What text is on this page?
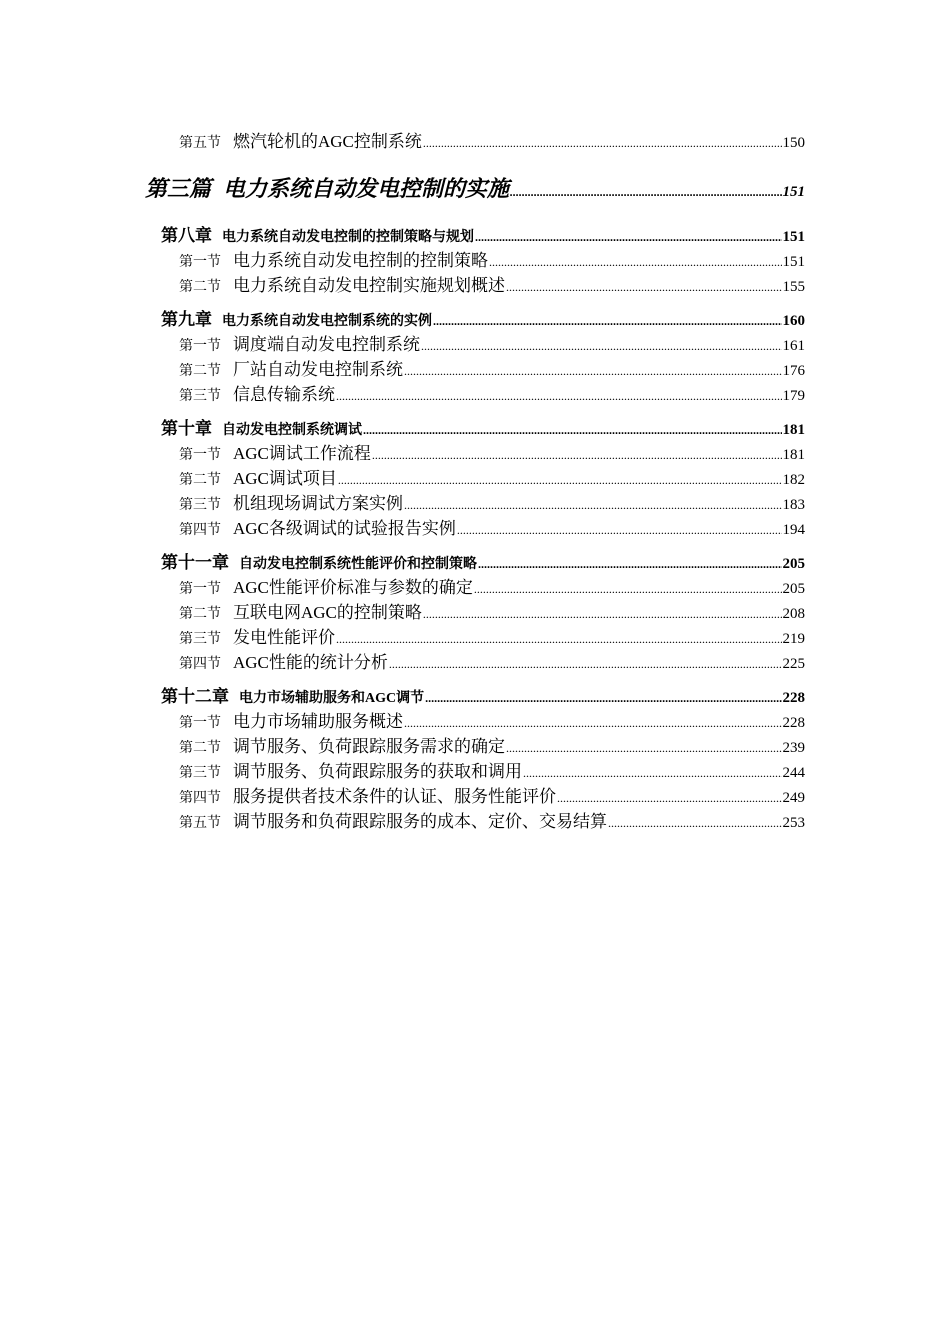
第五节 燃汽轮机的AGC控制系统 .....	150
第三篇 电力系统自动发电控制的实施 .....	151
第八章 电力系统自动发电控制的控制策略与规划 .....	151
第一节 电力系统自动发电控制的控制策略 .....	151
第二节 电力系统自动发电控制实施规划概述 .....	155
第九章 电力系统自动发电控制系统的实例 .....	160
第一节 调度端自动发电控制系统 .....	161
第二节 厂站自动发电控制系统 .....	176
第三节 信息传输系统 .....	179
第十章 自动发电控制系统调试 .....	181
第一节 AGC调试工作流程 .....	181
第二节 AGC调试项目 .....	182
第三节 机组现场调试方案实例 .....	183
第四节 AGC各级调试的试验报告实例 .....	194
第十一章 自动发电控制系统性能评价和控制策略 .....	205
第一节 AGC性能评价标准与参数的确定 .....	205
第二节 互联电网AGC的控制策略 .....	208
第三节 发电性能评价 .....	219
第四节 AGC性能的统计分析 .....	225
第十二章 电力市场辅助服务和AGC调节 .....	228
第一节 电力市场辅助服务概述 .....	228
第二节 调节服务、负荷跟踪服务需求的确定 .....	239
第三节 调节服务、负荷跟踪服务的获取和调用 .....	244
第四节 服务提供者技术条件的认证、服务性能评价 .....	249
第五节 调节服务和负荷跟踪服务的成本、定价、交易结算 .....	253
